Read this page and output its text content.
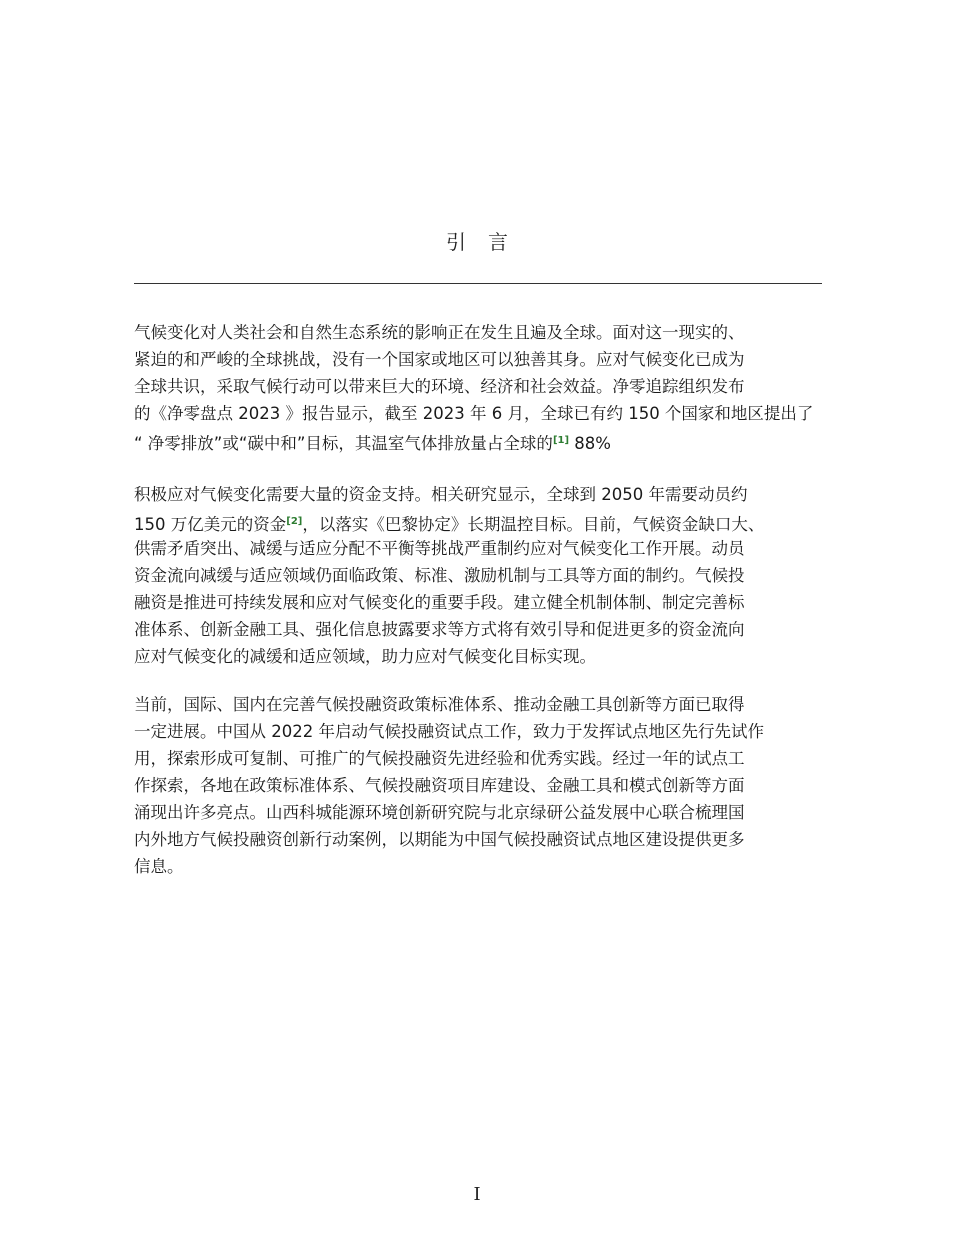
引言
气候变化对人类社会和自然生态系统的影响正在发生且遍及全球。面对这一现实的、
紧迫的和严峻的全球挑战，没有一个国家或地区可以独善其身。应对气候变化已成为
全球共识，采取气候行动可以带来巨大的环境、经济和社会效益。净零追踪组织发布
的《净零盘点 2023 》报告显示，截至 2023 年 6 月，全球已有约 150 个国家和地区提出了
“ 净零排放”或“碳中和”目标，其温室气体排放量占全球的[1] 88%
积极应对气候变化需要大量的资金支持。相关研究显示，全球到 2050 年需要动员约
150 万亿美元的资金[2]，以落实《巴黎协定》长期温控目标。目前，气候资金缺口大、
供需矛盾突出、减缓与适应分配不平衡等挑战严重制约应对气候变化工作开展。动员
资金流向减缓与适应领域仍面临政策、标准、激励机制与工具等方面的制约。气候投
融资是推进可持续发展和应对气候变化的重要手段。建立健全机制体制、制定完善标
准体系、创新金融工具、强化信息披露要求等方式将有效引导和促进更多的资金流向
应对气候变化的减缓和适应领域，助力应对气候变化目标实现。
当前，国际、国内在完善气候投融资政策标准体系、推动金融工具创新等方面已取得
一定进展。中国从 2022 年启动气候投融资试点工作，致力于发挥试点地区先行先试作
用，探索形成可复制、可推广的气候投融资先进经验和优秀实践。经过一年的试点工
作探索，各地在政策标准体系、气候投融资项目库建设、金融工具和模式创新等方面
涌现出许多亮点。山西科城能源环境创新研究院与北京绿研公益发展中心联合梳理国
内外地方气候投融资创新行动案例，以期能为中国气候投融资试点地区建设提供更多
信息。
I
